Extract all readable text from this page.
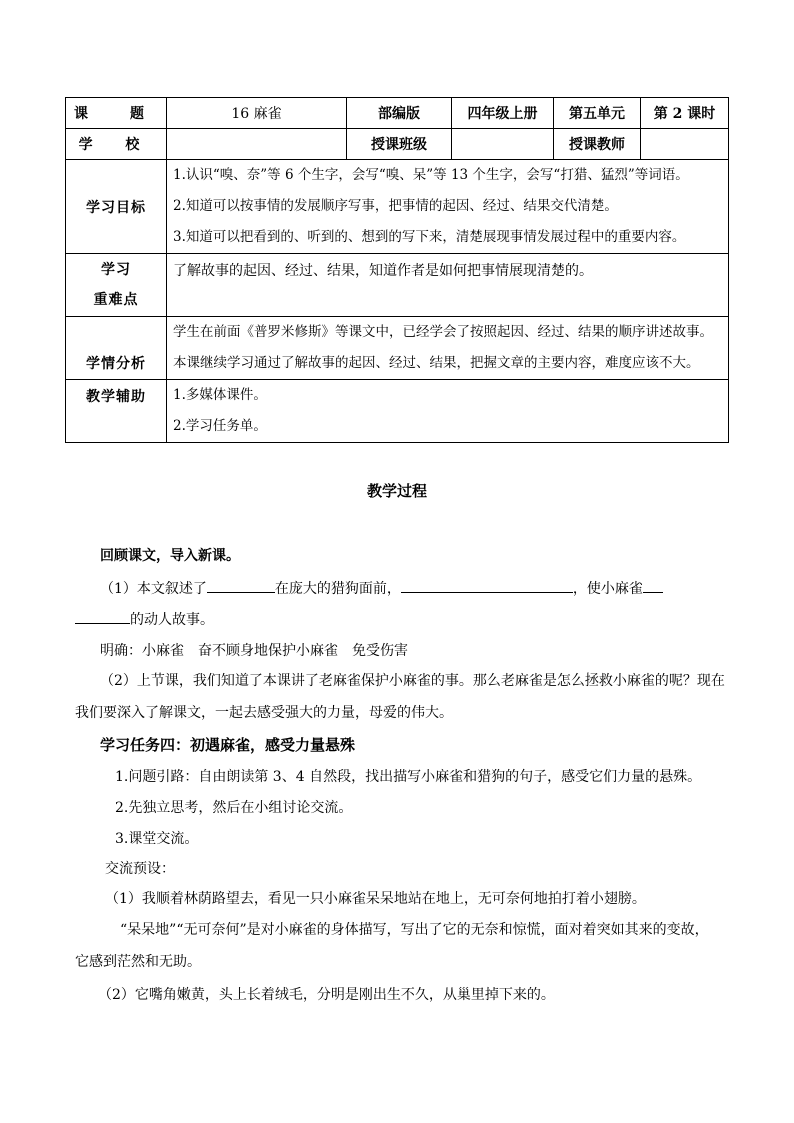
课　题	16 麻雀	部编版	四年级上册	第五单元	第 2 课时
学 校		授课班级		授课教师	
学习目标	1.认识“嗅、奈”等 6 个生字，会写“嗅、呆”等 13 个生字，会写“打猎、猛烈”等词语。
2.知道可以按事情的发展顺序写事，把事情的起因、经过、结果交代清楚。
3.知道可以把看到的、听到的、想到的写下来，清楚展现事情发展过程中的重要内容。				

学习
重难点	了解故事的起因、经过、结果，知道作者是如何把事情展现清楚的。				
学情分析	学生在前面《普罗米修斯》等课文中，已经学会了按照起因、经过、结果的顺序讲述故事。
本课继续学习通过了解故事的起因、经过、结果，把握文章的主要内容，难度应该不大。				

教学辅助	1.多媒体课件。
2.学习任务单。				
教学过程
回顾课文，导入新课。
（1）本文叙述了	在庞大的猎狗面前，	，使小麻雀
的动人故事。
明确：小麻雀　奋不顾身地保护小麻雀　免受伤害
（2）上节课，我们知道了本课讲了老麻雀保护小麻雀的事。那么老麻雀是怎么拯救小麻雀的呢？现在
我们要深入了解课文，一起去感受强大的力量，母爱的伟大。
学习任务四：初遇麻雀，感受力量悬殊
1.问题引路：自由朗读第 3、4 自然段，找出描写小麻雀和猎狗的句子，感受它们力量的悬殊。
2.先独立思考，然后在小组讨论交流。
3.课堂交流。
交流预设：
（1）我顺着林荫路望去，看见一只小麻雀呆呆地站在地上，无可奈何地拍打着小翅膀。
“呆呆地”“无可奈何”是对小麻雀的身体描写，写出了它的无奈和惊慌，面对着突如其来的变故，
它感到茫然和无助。
（2）它嘴角嫩黄，头上长着绒毛，分明是刚出生不久，从巢里掉下来的。
